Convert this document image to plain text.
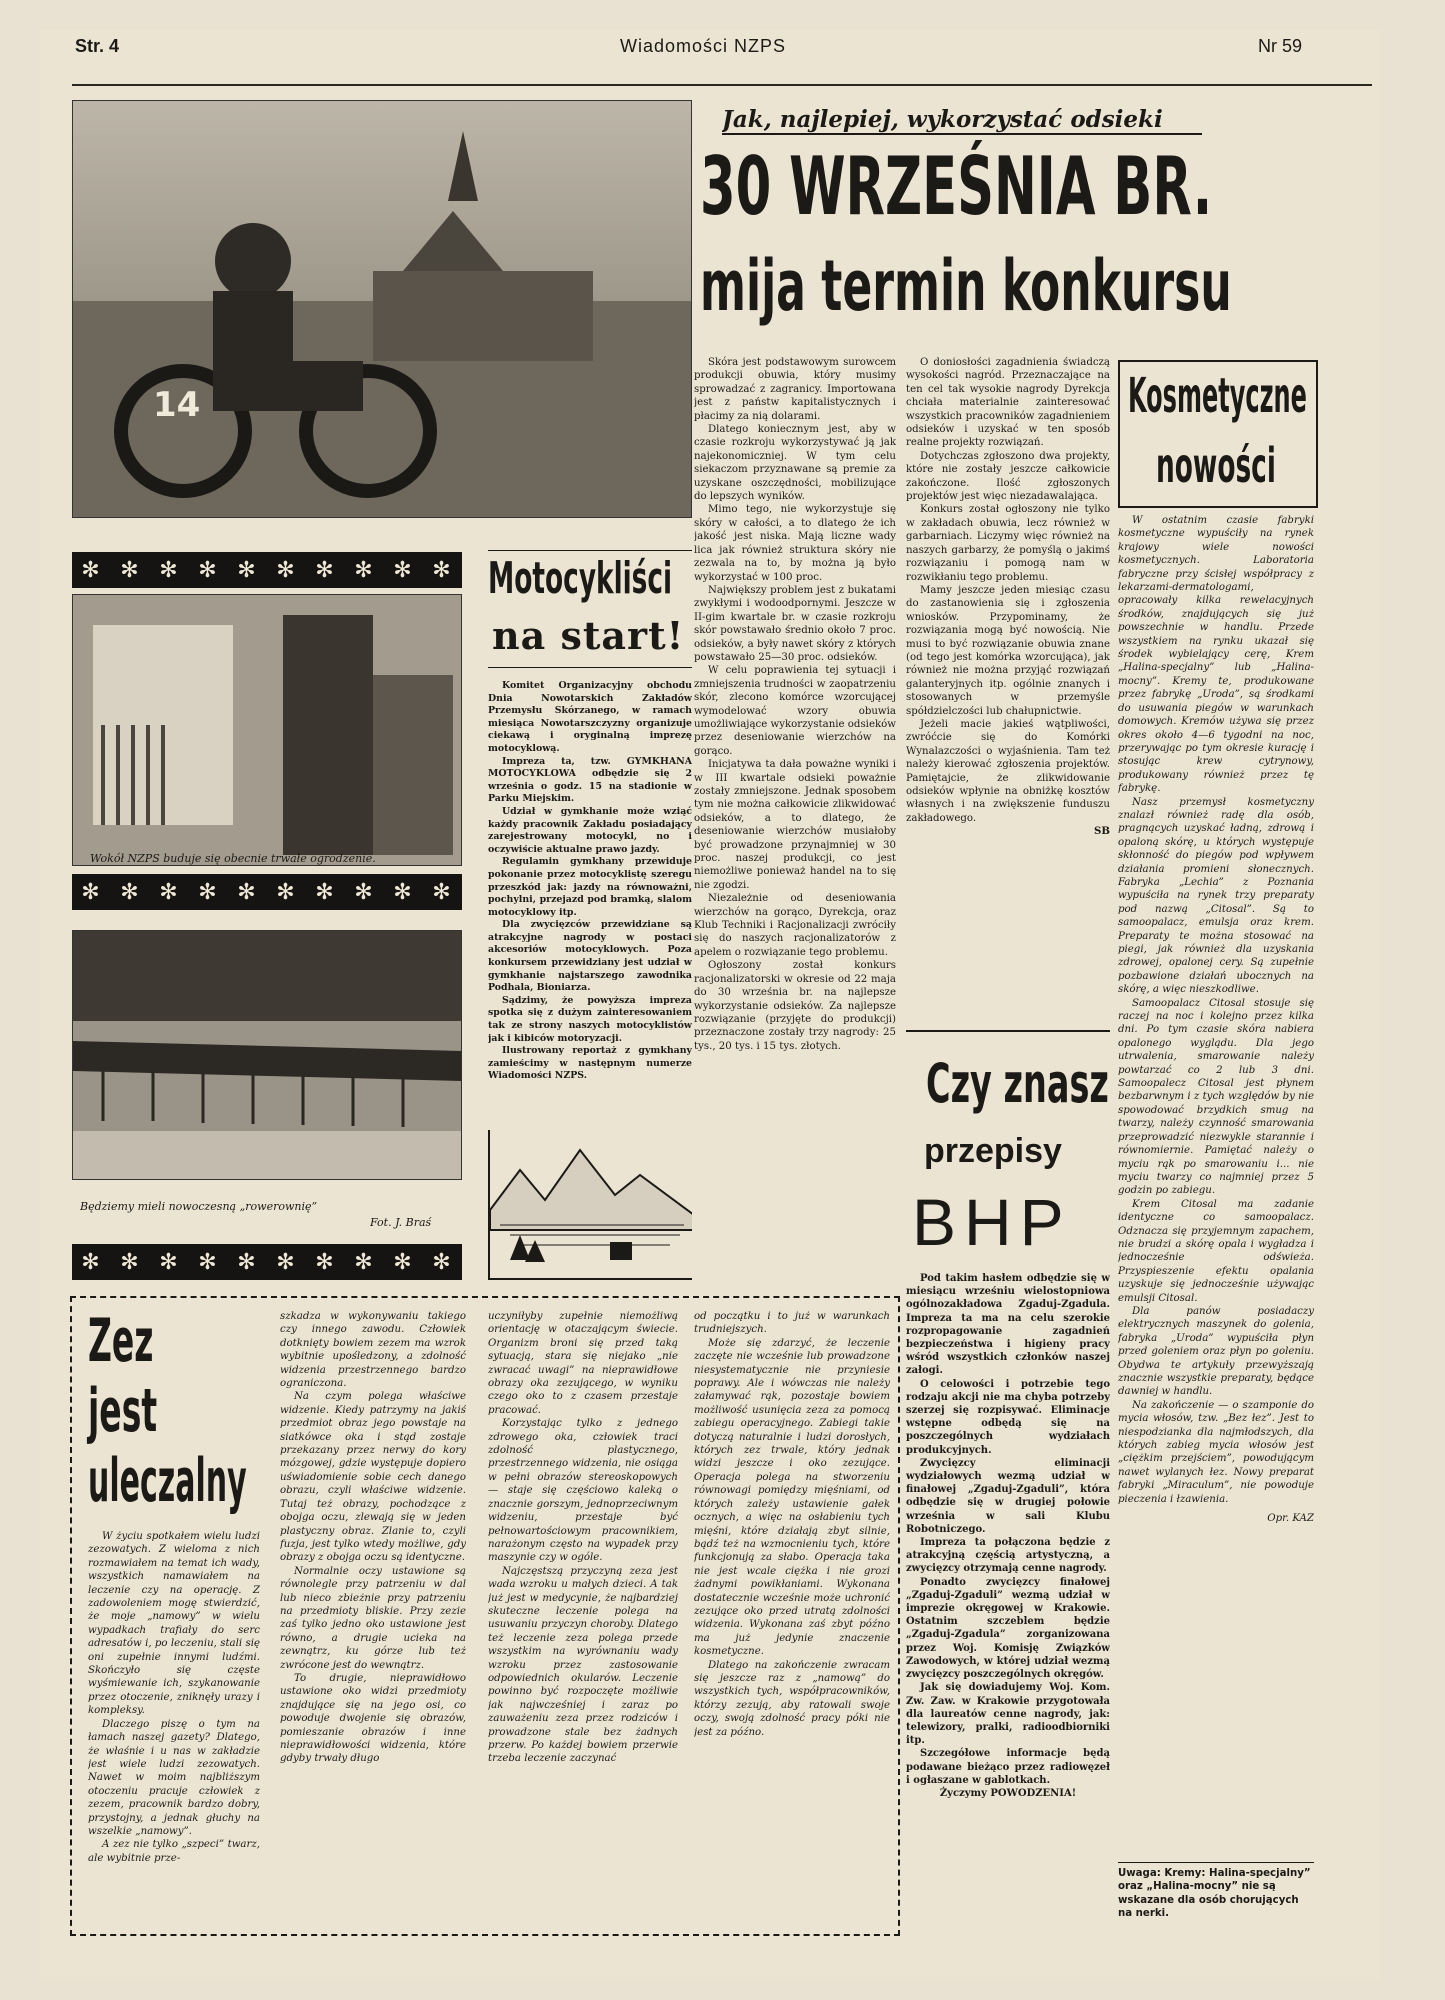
Str. 4	Wiadomości NZPS	Nr 59
14
✻ ✻ ✻ ✻ ✻ ✻ ✻ ✻ ✻ ✻
Wokół NZPS buduje się obecnie trwałe ogrodzenie.
✻ ✻ ✻ ✻ ✻ ✻ ✻ ✻ ✻ ✻
Będziemy mieli nowoczesną „rowerownię”
Fot. J. Braś
✻ ✻ ✻ ✻ ✻ ✻ ✻ ✻ ✻ ✻
Jak, najlepiej, wykorzystać odsieki
30 WRZEŚNIA BR.
mija termin konkursu

Skóra jest podstawowym surowcem produkcji obuwia, który musimy sprowadzać z zagranicy. Importowana jest z państw kapitalistycznych i płacimy za nią dolarami.

Dlatego koniecznym jest, aby w czasie rozkroju wykorzystywać ją jak najekonomiczniej. W tym celu siekaczom przyznawane są premie za uzyskane oszczędności, mobilizujące do lepszych wyników.

Mimo tego, nie wykorzystuje się skóry w całości, a to dlatego że ich jakość jest niska. Mają liczne wady lica jak również struktura skóry nie zezwala na to, by można ją było wykorzystać w 100 proc.

Największy problem jest z bukatami zwykłymi i wodoodpornymi. Jeszcze w II-gim kwartale br. w czasie rozkroju skór powstawało średnio około 7 proc. odsieków, a były nawet skóry z których powstawało 25—30 proc. odsieków.

W celu poprawienia tej sytuacji i zmniejszenia trudności w zaopatrzeniu skór, zlecono komórce wzorcującej wymodelować wzory obuwia umożliwiające wykorzystanie odsieków przez deseniowanie wierzchów na gorąco.

Inicjatywa ta dała poważne wyniki i w III kwartale odsieki poważnie zostały zmniejszone. Jednak sposobem tym nie można całkowicie zlikwidować odsieków, a to dlatego, że deseniowanie wierzchów musiałoby być prowadzone przynajmniej w 30 proc. naszej produkcji, co jest niemożliwe ponieważ handel na to się nie zgodzi.

Niezależnie od deseniowania wierzchów na gorąco, Dyrekcja, oraz Klub Techniki i Racjonalizacji zwróciły się do naszych racjonalizatorów z apelem o rozwiązanie tego problemu.

Ogłoszony został konkurs racjonalizatorski w okresie od 22 maja do 30 września br. na najlepsze wykorzystanie odsieków. Za najlepsze rozwiązanie (przyjęte do produkcji) przeznaczone zostały trzy nagrody: 25 tys., 20 tys. i 15 tys. złotych.

O doniosłości zagadnienia świadczą wysokości nagród. Przeznaczające na ten cel tak wysokie nagrody Dyrekcja chciała materialnie zainteresować wszystkich pracowników zagadnieniem odsieków i uzyskać w ten sposób realne projekty rozwiązań.

Dotychczas zgłoszono dwa projekty, które nie zostały jeszcze całkowicie zakończone. Ilość zgłoszonych projektów jest więc niezadawalająca.

Konkurs został ogłoszony nie tylko w zakładach obuwia, lecz również w garbarniach. Liczymy więc również na naszych garbarzy, że pomyślą o jakimś rozwiązaniu i pomogą nam w rozwikłaniu tego problemu.

Mamy jeszcze jeden miesiąc czasu do zastanowienia się i zgłoszenia wniosków. Przypominamy, że rozwiązania mogą być nowością. Nie musi to być rozwiązanie obuwia znane (od tego jest komórka wzorcująca), jak również nie można przyjąć rozwiązań galanteryjnych itp. ogólnie znanych i stosowanych w przemyśle spółdzielczości lub chałupnictwie.

Jeżeli macie jakieś wątpliwości, zwróćcie się do Komórki Wynalazczości o wyjaśnienia. Tam też należy kierować zgłoszenia projektów. Pamiętajcie, że zlikwidowanie odsieków wpłynie na obniżkę kosztów własnych i na zwiększenie funduszu zakładowego.

SB
Motocykliści
na start!

Komitet Organizacyjny obchodu Dnia Nowotarskich Zakładów Przemysłu Skórzanego, w ramach miesiąca Nowotarszczyzny organizuje ciekawą i oryginalną imprezę motocyklową.

Impreza ta, tzw. GYMKHANA MOTOCYKLOWA odbędzie się 2 września o godz. 15 na stadionie w Parku Miejskim.

Udział w gymkhanie może wziąć każdy pracownik Zakładu posiadający zarejestrowany motocykl, no i oczywiście aktualne prawo jazdy.

Regulamin gymkhany przewiduje pokonanie przez motocyklistę szeregu przeszkód jak: jazdy na równoważni, pochylni, przejazd pod bramką, slalom motocyklowy itp.

Dla zwycięzców przewidziane są atrakcyjne nagrody w postaci akcesoriów motocyklowych. Poza konkursem przewidziany jest udział w gymkhanie najstarszego zawodnika Podhala, Bioniarza.

Sądzimy, że powyższa impreza spotka się z dużym zainteresowaniem tak ze strony naszych motocyklistów jak i kibiców motoryzacji.

Ilustrowany reportaż z gymkhany zamieścimy w następnym numerze Wiadomości NZPS.	Czy znasz
przepisy
BHP

Pod takim hasłem odbędzie się w miesiącu wrześniu wielostopniowa ogólnozakładowa Zgaduj-Zgadula. Impreza ta ma na celu szerokie rozpropagowanie zagadnień bezpieczeństwa i higieny pracy wśród wszystkich członków naszej załogi.

O celowości i potrzebie tego rodzaju akcji nie ma chyba potrzeby szerzej się rozpisywać. Eliminacje wstępne odbędą się na poszczególnych wydziałach produkcyjnych.

Zwycięzcy eliminacji wydziałowych wezmą udział w finałowej „Zgaduj-Zgaduli”, która odbędzie się w drugiej połowie września w sali Klubu Robotniczego.

Impreza ta połączona będzie z atrakcyjną częścią artystyczną, a zwycięzcy otrzymają cenne nagrody.

Ponadto zwycięzcy finałowej „Zgaduj-Zgaduli” wezmą udział w imprezie okręgowej w Krakowie. Ostatnim szczeblem będzie „Zgaduj-Zgadula” zorganizowana przez Woj. Komisję Związków Zawodowych, w której udział wezmą zwycięzcy poszczególnych okręgów.

Jak się dowiadujemy Woj. Kom. Zw. Zaw. w Krakowie przygotowała dla laureatów cenne nagrody, jak: telewizory, pralki, radioodbiorniki itp.

Szczegółowe informacje będą podawane bieżąco przez radiowęzeł i ogłaszane w gablotkach.

Życzymy POWODZENIA!

Kosmetyczne
nowości

W ostatnim czasie fabryki kosmetyczne wypuściły na rynek krajowy wiele nowości kosmetycznych. Laboratoria fabryczne przy ścisłej współpracy z lekarzami-dermatologami, opracowały kilka rewelacyjnych środków, znajdujących się już powszechnie w handlu. Przede wszystkiem na rynku ukazał się środek wybielający cerę, Krem „Halina-specjalny” lub „Halina-mocny”. Kremy te, produkowane przez fabrykę „Uroda”, są środkami do usuwania piegów w warunkach domowych. Kremów używa się przez okres około 4—6 tygodni na noc, przerywając po tym okresie kurację i stosując krew cytrynowy, produkowany również przez tę fabrykę.

Nasz przemysł kosmetyczny znalazł również radę dla osób, pragnących uzyskać ładną, zdrową i opaloną skórę, u których występuje skłonność do piegów pod wpływem działania promieni słonecznych. Fabryka „Lechia” z Poznania wypuściła na rynek trzy preparaty pod nazwą „Citosal”. Są to samoopalacz, emulsja oraz krem. Preparaty te można stosować na piegi, jak również dla uzyskania zdrowej, opalonej cery. Są zupełnie pozbawione działań ubocznych na skórę, a więc nieszkodliwe.

Samoopalacz Citosal stosuje się raczej na noc i kolejno przez kilka dni. Po tym czasie skóra nabiera opalonego wyglądu. Dla jego utrwalenia, smarowanie należy powtarzać co 2 lub 3 dni. Samoopalecz Citosal jest płynem bezbarwnym i z tych względów by nie spowodować brzydkich smug na twarzy, należy czynność smarowania przeprowadzić niezwykle starannie i równomiernie. Pamiętać należy o myciu rąk po smarowaniu i... nie myciu twarzy co najmniej przez 5 godzin po zabiegu.

Krem Citosal ma zadanie identyczne co samoopalacz. Odznacza się przyjemnym zapachem, nie brudzi a skórę opala i wygładza i jednocześnie odświeża. Przyspieszenie efektu opalania uzyskuje się jednocześnie używając emulsji Citosal.

Dla panów posiadaczy elektrycznych maszynek do golenia, fabryka „Uroda” wypuściła płyn przed goleniem oraz płyn po goleniu. Obydwa te artykuły przewyższają znacznie wszystkie preparaty, będące dawniej w handlu.

Na zakończenie — o szamponie do mycia włosów, tzw. „Bez łez”. Jest to niespodzianka dla najmłodszych, dla których zabieg mycia włosów jest „ciężkim przejściem”, powodującym nawet wylanych łez. Nowy preparat fabryki „Miraculum”, nie powoduje pieczenia i łzawienia.

Opr. KAZ
Uwaga: Kremy: Halina-specjalny” oraz „Halina-mocny” nie są wskazane dla osób chorujących na nerki.
Zez
jest
uleczalny

W życiu spotkałem wielu ludzi zezowatych. Z wieloma z nich rozmawiałem na temat ich wady, wszystkich namawiałem na leczenie czy na operację. Z zadowoleniem mogę stwierdzić, że moje „namowy” w wielu wypadkach trafiały do serc adresatów i, po leczeniu, stali się oni zupełnie innymi ludźmi. Skończyło się częste wyśmiewanie ich, szykanowanie przez otoczenie, zniknęły urazy i kompleksy.

Dlaczego piszę o tym na łamach naszej gazety? Dlatego, że właśnie i u nas w zakładzie jest wiele ludzi zezowatych. Nawet w moim najbliższym otoczeniu pracuje człowiek z zezem, pracownik bardzo dobry, przystojny, a jednak głuchy na wszelkie „namowy”.

A zez nie tylko „szpeci” twarz, ale wybitnie prze-

szkadza w wykonywaniu takiego czy innego zawodu. Człowiek dotknięty bowiem zezem ma wzrok wybitnie upośledzony, a zdolność widzenia przestrzennego bardzo ograniczona.

Na czym polega właściwe widzenie. Kiedy patrzymy na jakiś przedmiot obraz jego powstaje na siatkówce oka i stąd zostaje przekazany przez nerwy do kory mózgowej, gdzie występuje dopiero uświadomienie sobie cech danego obrazu, czyli właściwe widzenie. Tutaj też obrazy, pochodzące z obojga oczu, zlewają się w jeden plastyczny obraz. Zlanie to, czyli fuzja, jest tylko wtedy możliwe, gdy obrazy z obojga oczu są identyczne.

Normalnie oczy ustawione są równolegle przy patrzeniu w dal lub nieco zbieżnie przy patrzeniu na przedmioty bliskie. Przy zezie zaś tylko jedno oko ustawione jest równo, a drugie ucieka na zewnątrz, ku górze lub też zwrócone jest do wewnątrz.

To drugie, nieprawidłowo ustawione oko widzi przedmioty znajdujące się na jego osi, co powoduje dwojenie się obrazów, pomieszanie obrazów i inne nieprawidłowości widzenia, które gdyby trwały długo

uczyniłyby zupełnie niemożliwą orientację w otaczającym świecie. Organizm broni się przed taką sytuacją, stara się niejako „nie zwracać uwagi” na nieprawidłowe obrazy oka zezującego, w wyniku czego oko to z czasem przestaje pracować.

Korzystając tylko z jednego zdrowego oka, człowiek traci zdolność plastycznego, przestrzennego widzenia, nie osiąga w pełni obrazów stereoskopowych — staje się częściowo kaleką o znacznie gorszym, jednoprzeciwnym widzeniu, przestaje być pełnowartościowym pracownikiem, narażonym często na wypadek przy maszynie czy w ogóle.

Najczęstszą przyczyną zeza jest wada wzroku u małych dzieci. A tak już jest w medycynie, że najbardziej skuteczne leczenie polega na usuwaniu przyczyn choroby. Dlatego też leczenie zeza polega przede wszystkim na wyrównaniu wady wzroku przez zastosowanie odpowiednich okularów. Leczenie powinno być rozpoczęte możliwie jak najwcześniej i zaraz po zauważeniu zeza przez rodziców i prowadzone stale bez żadnych przerw. Po każdej bowiem przerwie trzeba leczenie zaczynać

od początku i to już w warunkach trudniejszych.

Może się zdarzyć, że leczenie zaczęte nie wcześnie lub prowadzone niesystematycznie nie przyniesie poprawy. Ale i wówczas nie należy załamywać rąk, pozostaje bowiem możliwość usunięcia zeza za pomocą zabiegu operacyjnego. Zabiegi takie dotyczą naturalnie i ludzi dorosłych, których zez trwale, który jednak widzi jeszcze i oko zezujące. Operacja polega na stworzeniu równowagi pomiędzy mięśniami, od których zależy ustawienie gałek ocznych, a więc na osłabieniu tych mięśni, które działają zbyt silnie, bądź też na wzmocnieniu tych, które funkcjonują za słabo. Operacja taka nie jest wcale ciężka i nie grozi żadnymi powikłaniami. Wykonana dostatecznie wcześnie może uchronić zezujące oko przed utratą zdolności widzenia. Wykonana zaś zbyt późno ma już jedynie znaczenie kosmetyczne.

Dlatego na zakończenie zwracam się jeszcze raz z „namową” do wszystkich tych, współpracowników, którzy zezują, aby ratowali swoje oczy, swoją zdolność pracy póki nie jest za późno.
